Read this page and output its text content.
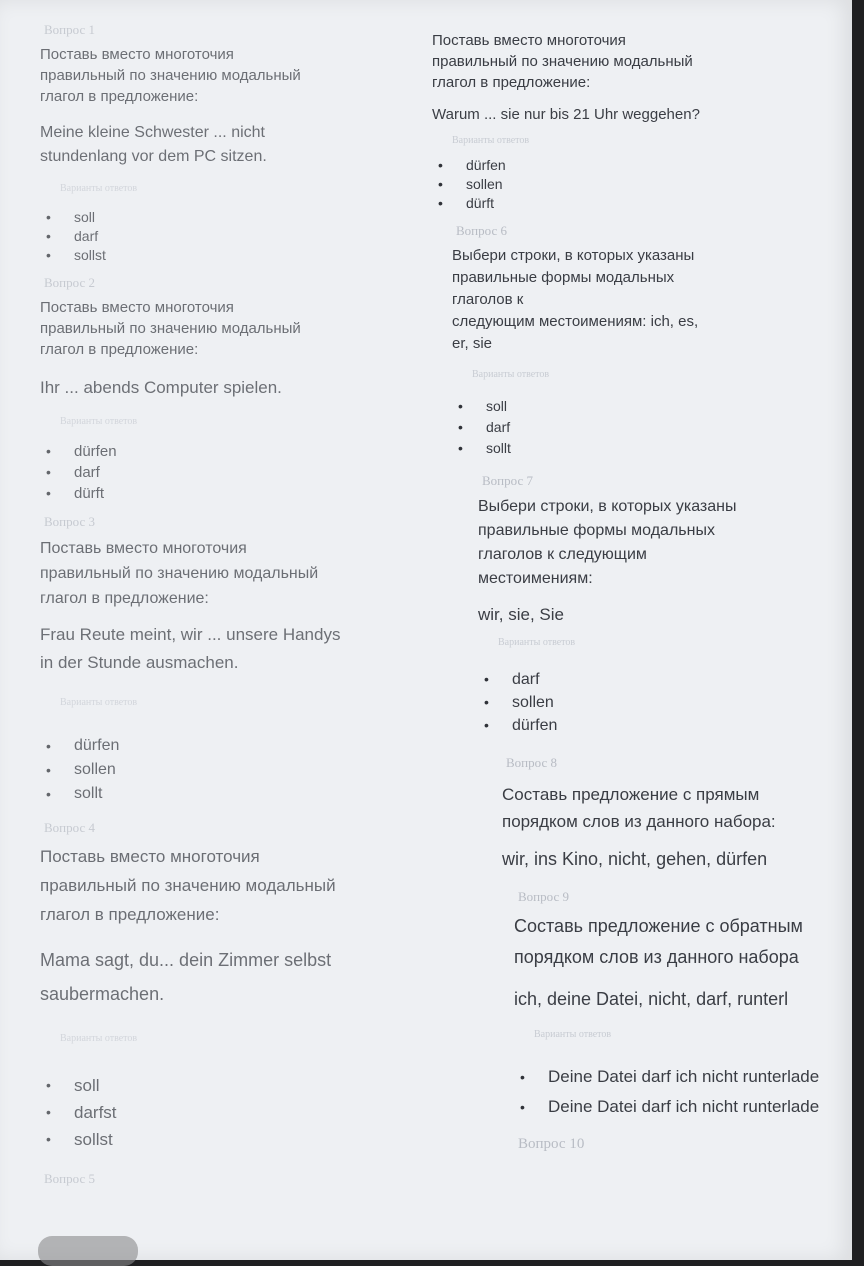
Вопрос 1

Поставь вместо многоточия
правильный по значению модальный
глагол в предложение:

Meine kleine Schwester ... nicht
stundenlang vor dem PC sitzen.

Варианты ответов
• soll
• darf
• sollst
Вопрос 2

Поставь вместо многоточия
правильный по значению модальный
глагол в предложение:

Ihr ... abends Computer spielen.

Варианты ответов
• dürfen
• darf
• dürft
Вопрос 3

Поставь вместо многоточия
правильный по значению модальный
глагол в предложение:

Frau Reute meint, wir ... unsere Handys
in der Stunde ausmachen.

Варианты ответов
• dürfen
• sollen
• sollt
Вопрос 4

Поставь вместо многоточия
правильный по значению модальный
глагол в предложение:

Mama sagt, du... dein Zimmer selbst
saubermachen.

Варианты ответов
• soll
• darfst
• sollst
Вопрос 5

Поставь вместо многоточия
правильный по значению модальный
глагол в предложение:

Warum ... sie nur bis 21 Uhr weggehen?

Варианты ответов
• dürfen
• sollen
• dürft
Вопрос 6

Выбери строки, в которых указаны
правильные формы модальных
глаголов к
следующим местоимениям: ich, es,
er, sie

Варианты ответов
• soll
• darf
• sollt
Вопрос 7

Выбери строки, в которых указаны
правильные формы модальных
глаголов к следующим
местоимениям:

wir, sie, Sie

Варианты ответов
• darf
• sollen
• dürfen
Вопрос 8

Составь предложение с прямым
порядком слов из данного набора:

wir, ins Kino, nicht, gehen, dürfen

Вопрос 9

Составь предложение с обратным
порядком слов из данного набора

ich, deine Datei, nicht, darf, runterl

Варианты ответов
• Deine Datei darf ich nicht runterlade
• Deine Datei darf ich nicht runterlade
Вопрос 10
